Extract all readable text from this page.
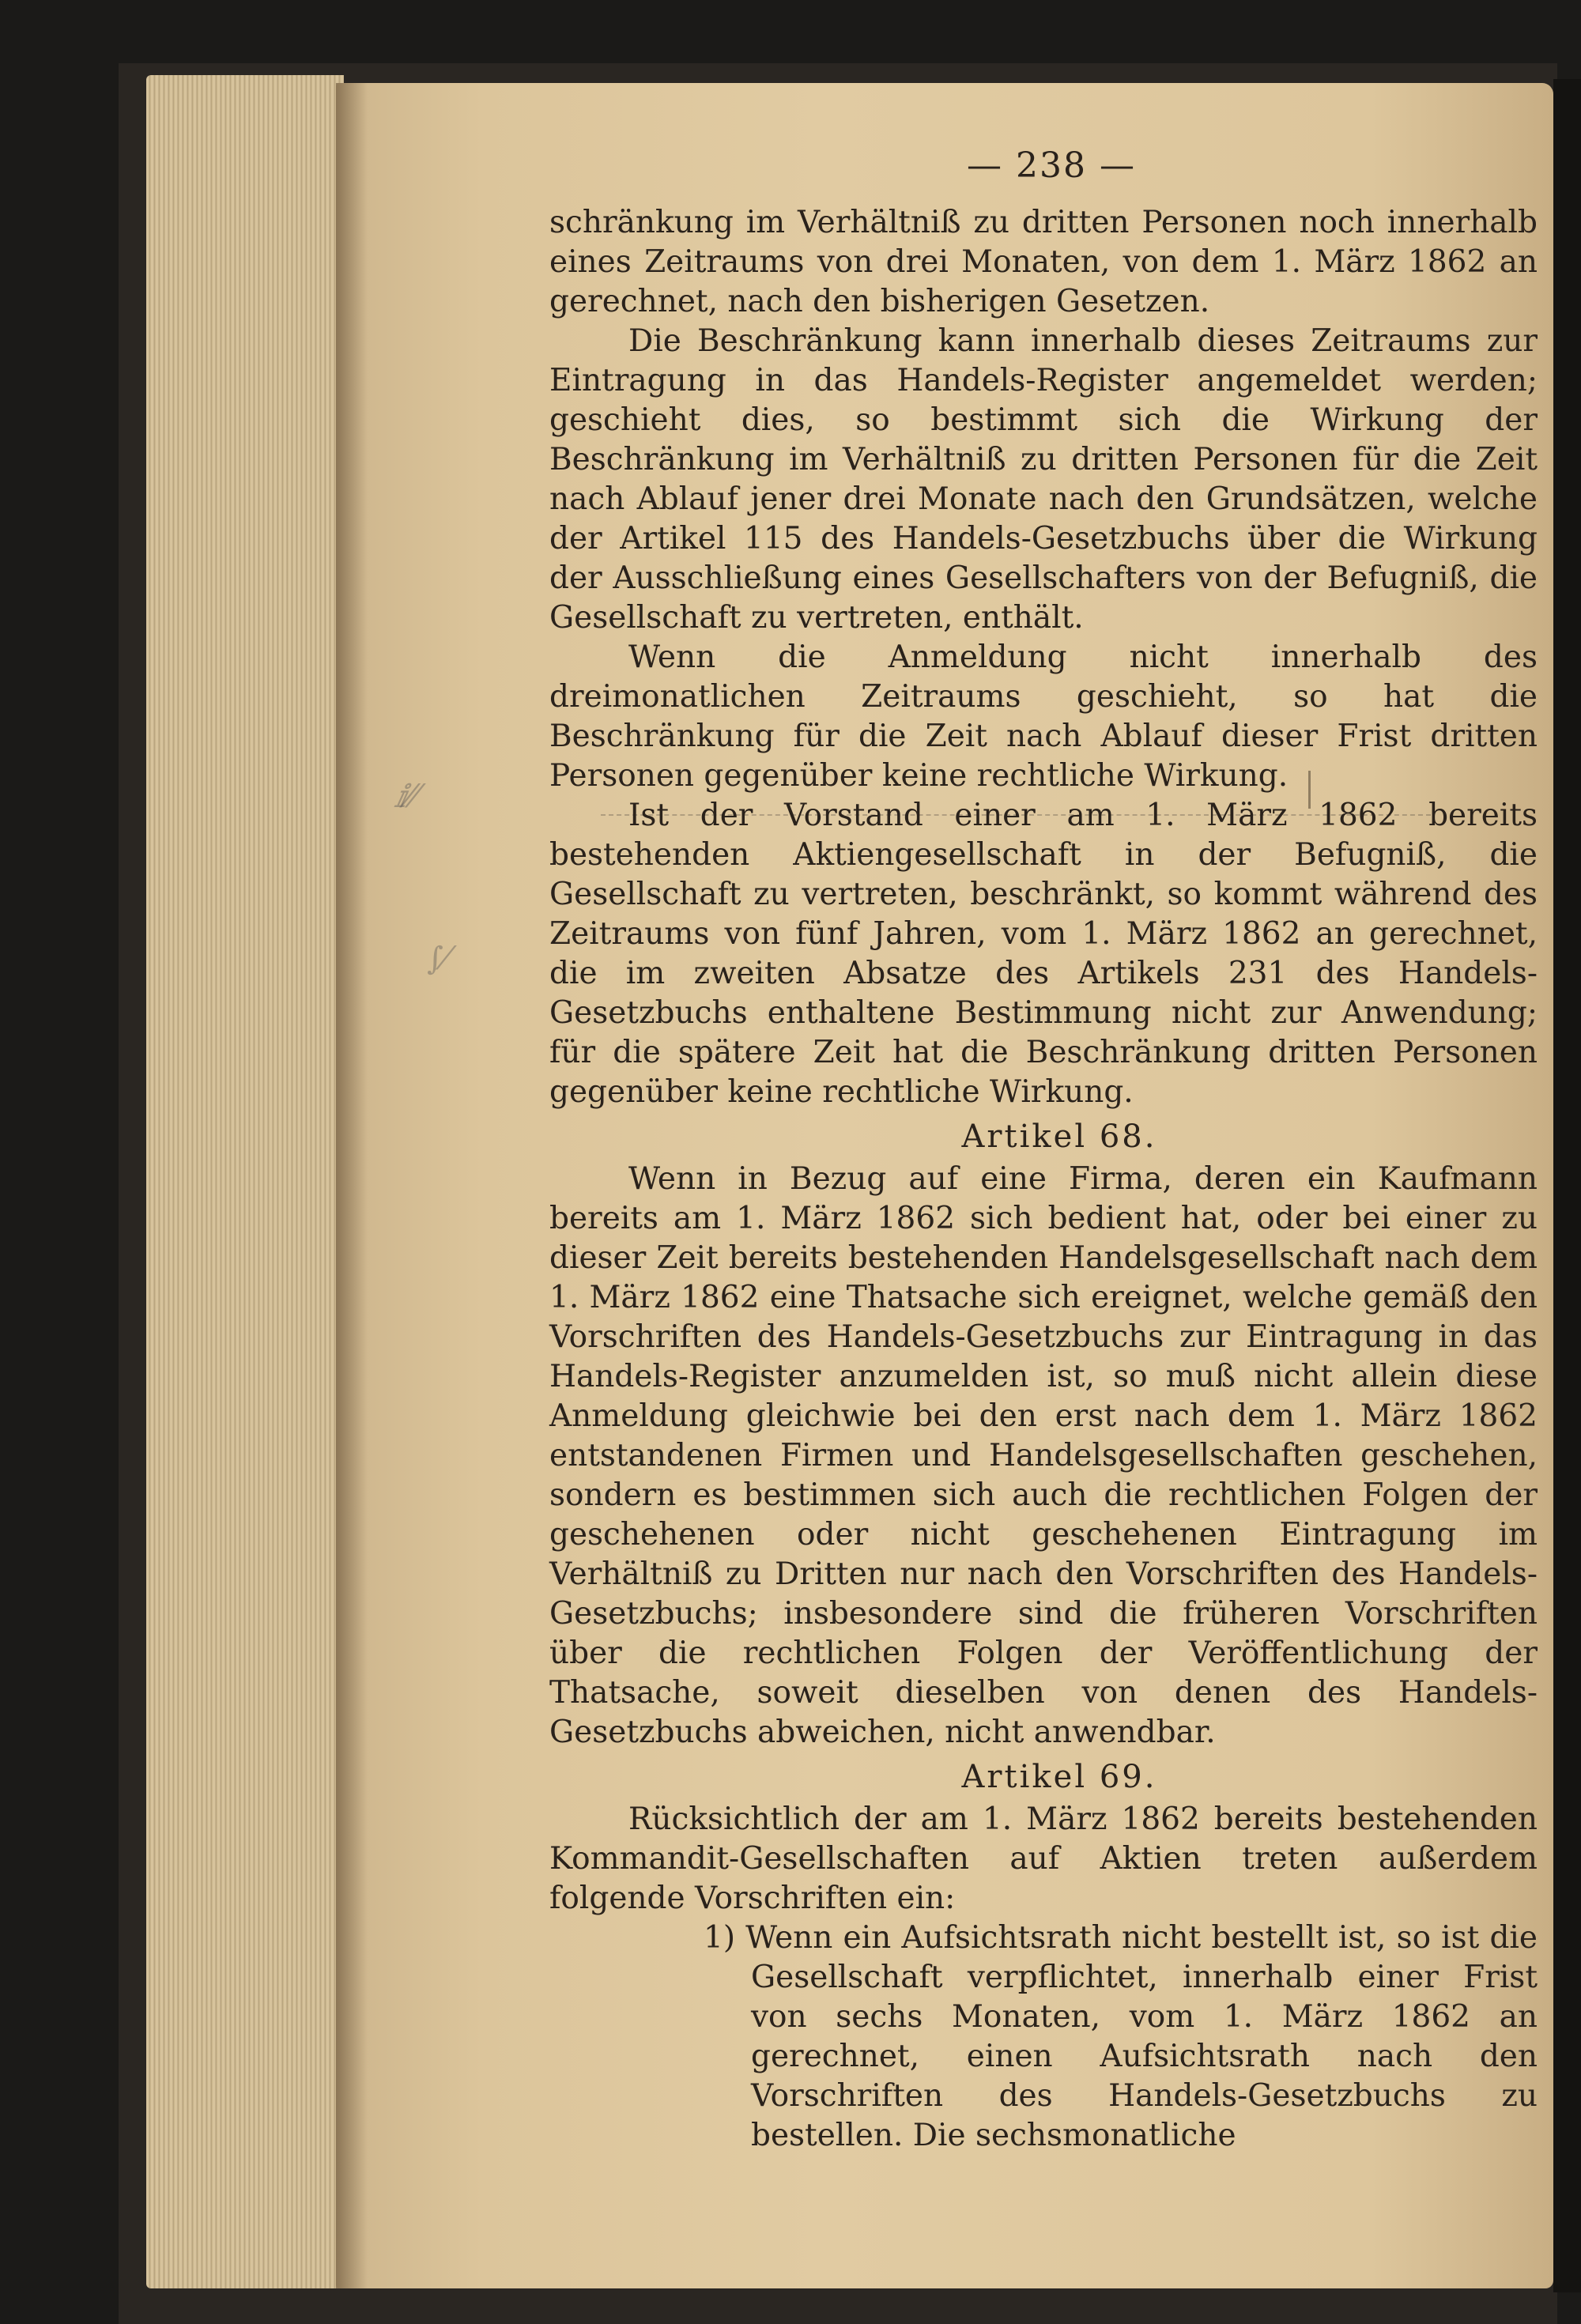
ⅈ⁄⁄
∫⁄
— 238 —

schränkung im Verhältniß zu dritten Personen noch innerhalb eines Zeitraums von drei Monaten, von dem 1. März 1862 an gerechnet, nach den bisherigen Gesetzen.

Die Beschränkung kann innerhalb dieses Zeitraums zur Eintragung in das Handels-Register angemeldet werden; geschieht dies, so bestimmt sich die Wirkung der Beschränkung im Verhältniß zu dritten Personen für die Zeit nach Ablauf jener drei Monate nach den Grundsätzen, welche der Artikel 115 des Handels-Gesetzbuchs über die Wirkung der Ausschließung eines Gesellschafters von der Befugniß, die Gesellschaft zu vertreten, enthält.

Wenn die Anmeldung nicht innerhalb des dreimonatlichen Zeitraums geschieht, so hat die Beschränkung für die Zeit nach Ablauf dieser Frist dritten Personen gegenüber keine rechtliche Wirkung.

Ist der Vorstand einer am 1. März 1862 bereits bestehenden Aktiengesellschaft in der Befugniß, die Gesellschaft zu vertreten, beschränkt, so kommt während des Zeitraums von fünf Jahren, vom 1. März 1862 an gerechnet, die im zweiten Absatze des Artikels 231 des Handels-Gesetzbuchs enthaltene Bestimmung nicht zur Anwendung; für die spätere Zeit hat die Beschränkung dritten Personen gegenüber keine rechtliche Wirkung.

Artikel 68.

Wenn in Bezug auf eine Firma, deren ein Kaufmann bereits am 1. März 1862 sich bedient hat, oder bei einer zu dieser Zeit bereits bestehenden Handelsgesellschaft nach dem 1. März 1862 eine Thatsache sich ereignet, welche gemäß den Vorschriften des Handels-Gesetzbuchs zur Eintragung in das Handels-Register anzumelden ist, so muß nicht allein diese Anmeldung gleichwie bei den erst nach dem 1. März 1862 entstandenen Firmen und Handelsgesellschaften geschehen, sondern es bestimmen sich auch die rechtlichen Folgen der geschehenen oder nicht geschehenen Eintragung im Verhältniß zu Dritten nur nach den Vorschriften des Handels-Gesetzbuchs; insbesondere sind die früheren Vorschriften über die rechtlichen Folgen der Veröffentlichung der Thatsache, soweit dieselben von denen des Handels-Gesetzbuchs abweichen, nicht anwendbar.

Artikel 69.

Rücksichtlich der am 1. März 1862 bereits bestehenden Kommandit-Gesellschaften auf Aktien treten außerdem folgende Vorschriften ein:

1) Wenn ein Aufsichtsrath nicht bestellt ist, so ist die Gesellschaft verpflichtet, innerhalb einer Frist von sechs Monaten, vom 1. März 1862 an gerechnet, einen Aufsichtsrath nach den Vorschriften des Handels-Gesetzbuchs zu bestellen. Die sechsmonatliche
